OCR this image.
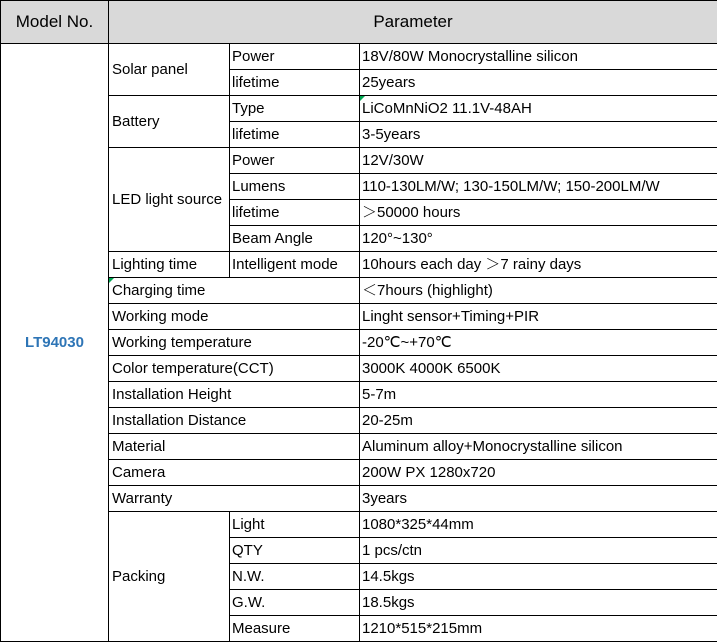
Model No.	Parameter		
LT94030	Solar panel	Power	18V/80W Monocrystalline silicon
		lifetime	25years
	Battery	Type	LiCoMnNiO2 11.1V-48AH
		lifetime	3-5years
	LED light source	Power	12V/30W
		Lumens	110-130LM/W; 130-150LM/W; 150-200LM/W
		lifetime	＞50000 hours
		Beam Angle	120°~130°
	Lighting time	Intelligent mode	10hours each day ＞7 rainy days
	Charging time		＜7hours (highlight)
	Working mode		Linght sensor+Timing+PIR
	Working temperature		-20℃~+70℃
	Color temperature(CCT)		3000K 4000K 6500K
	Installation Height		5-7m
	Installation Distance		20-25m
	Material		Aluminum alloy+Monocrystalline silicon
	Camera		200W PX 1280x720
	Warranty		3years
	Packing	Light	1080*325*44mm
		QTY	1 pcs/ctn
		N.W.	14.5kgs
		G.W.	18.5kgs
		Measure	1210*515*215mm
